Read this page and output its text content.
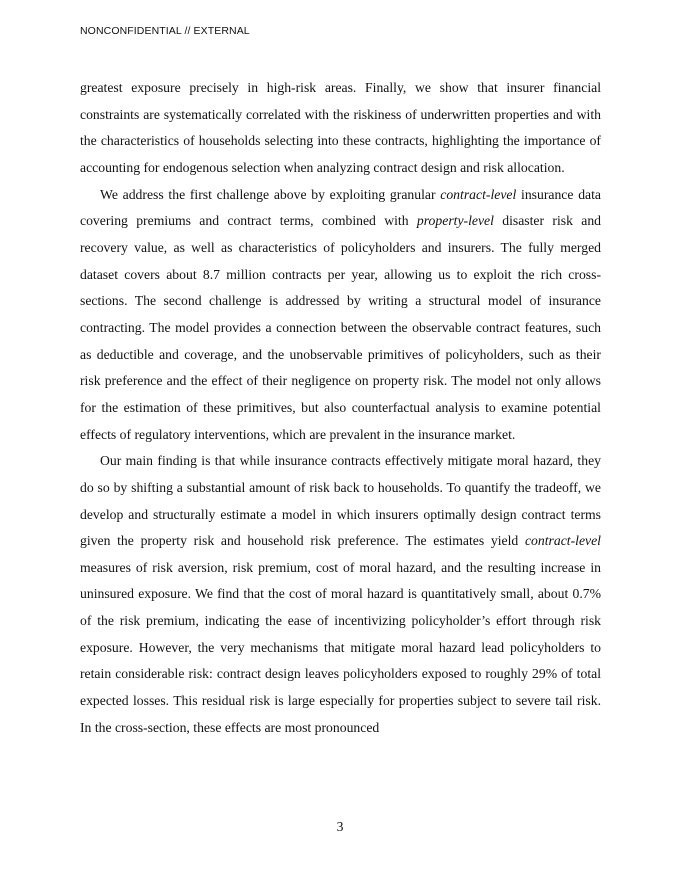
NONCONFIDENTIAL // EXTERNAL

greatest exposure precisely in high-risk areas. Finally, we show that insurer financial constraints are systematically correlated with the riskiness of underwritten properties and with the characteristics of households selecting into these contracts, highlighting the importance of accounting for endogenous selection when analyzing contract design and risk allocation.

We address the first challenge above by exploiting granular contract-level insurance data covering premiums and contract terms, combined with property-level disaster risk and recovery value, as well as characteristics of policyholders and insurers. The fully merged dataset covers about 8.7 million contracts per year, allowing us to exploit the rich cross-sections. The second challenge is addressed by writing a structural model of insurance contracting. The model provides a connection between the observable contract features, such as deductible and coverage, and the unobservable primitives of policyholders, such as their risk preference and the effect of their negligence on property risk. The model not only allows for the estimation of these primitives, but also counterfactual analysis to examine potential effects of regulatory interventions, which are prevalent in the insurance market.

Our main finding is that while insurance contracts effectively mitigate moral hazard, they do so by shifting a substantial amount of risk back to households. To quantify the tradeoff, we develop and structurally estimate a model in which insurers optimally design contract terms given the property risk and household risk preference. The estimates yield contract-level measures of risk aversion, risk premium, cost of moral hazard, and the resulting increase in uninsured exposure. We find that the cost of moral hazard is quantitatively small, about 0.7% of the risk premium, indicating the ease of incentivizing policyholder’s effort through risk exposure. However, the very mechanisms that mitigate moral hazard lead policyholders to retain considerable risk: contract design leaves policyholders exposed to roughly 29% of total expected losses. This residual risk is large especially for properties subject to severe tail risk. In the cross-section, these effects are most pronounced

3
